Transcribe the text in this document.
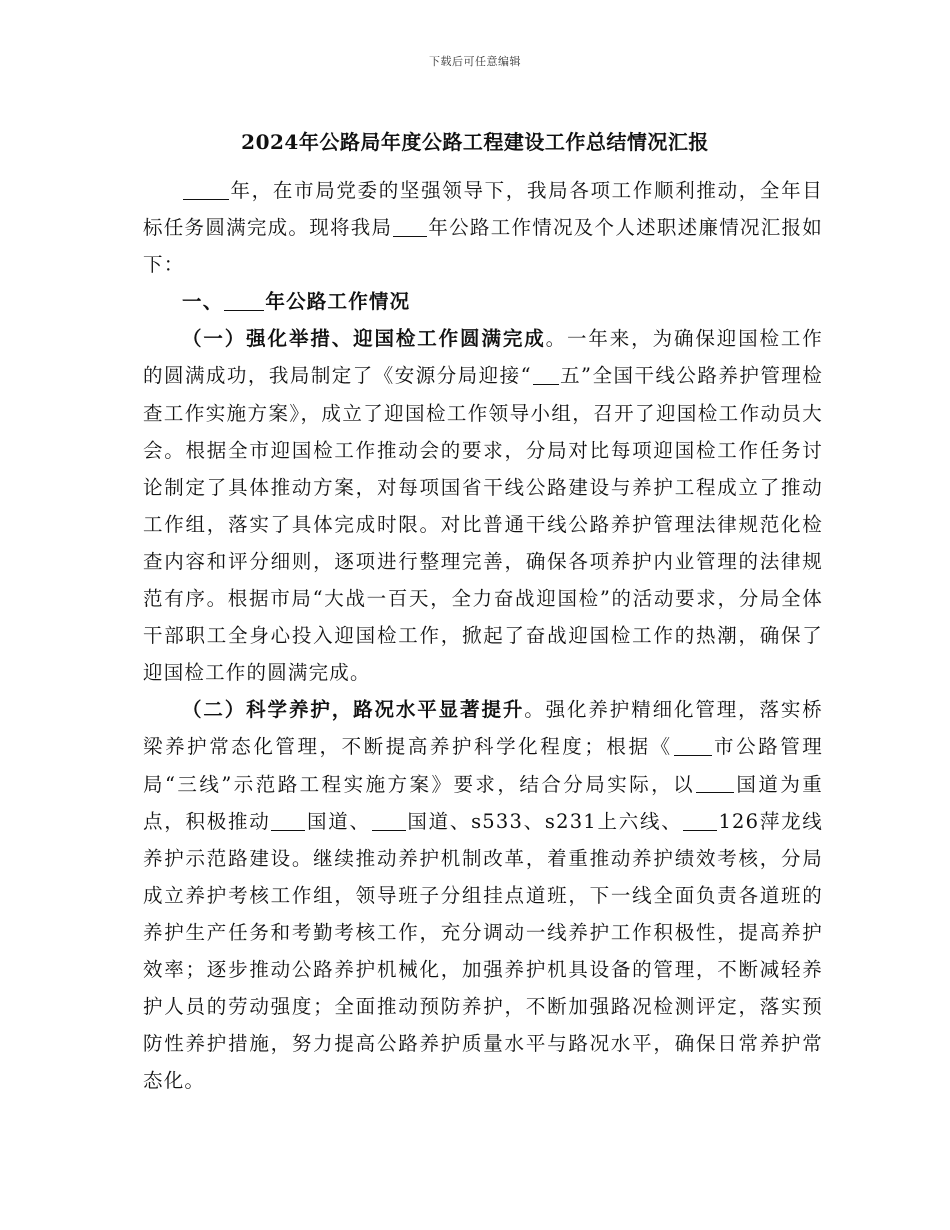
下载后可任意编辑
2024年公路局年度公路工程建设工作总结情况汇报

年，在市局党委的坚强领导下，我局各项工作顺利推动，全年目标任务圆满完成。现将我局 年公路工作情况及个人述职述廉情况汇报如下：

一、 年公路工作情况

（一）强化举措、迎国检工作圆满完成。一年来，为确保迎国检工作的圆满成功，我局制定了《安源分局迎接“ 五”全国干线公路养护管理检查工作实施方案》，成立了迎国检工作领导小组，召开了迎国检工作动员大会。根据全市迎国检工作推动会的要求，分局对比每项迎国检工作任务讨论制定了具体推动方案，对每项国省干线公路建设与养护工程成立了推动工作组，落实了具体完成时限。对比普通干线公路养护管理法律规范化检查内容和评分细则，逐项进行整理完善，确保各项养护内业管理的法律规范有序。根据市局“大战一百天，全力奋战迎国检”的活动要求，分局全体干部职工全身心投入迎国检工作，掀起了奋战迎国检工作的热潮，确保了迎国检工作的圆满完成。

（二）科学养护，路况水平显著提升。强化养护精细化管理，落实桥梁养护常态化管理，不断提高养护科学化程度；根据《 市公路管理局“三线”示范路工程实施方案》要求，结合分局实际，以 国道为重点，积极推动 国道、 国道、s533、s231上六线、 126萍龙线养护示范路建设。继续推动养护机制改革，着重推动养护绩效考核，分局成立养护考核工作组，领导班子分组挂点道班，下一线全面负责各道班的养护生产任务和考勤考核工作，充分调动一线养护工作积极性，提高养护效率；逐步推动公路养护机械化，加强养护机具设备的管理，不断减轻养护人员的劳动强度；全面推动预防养护，不断加强路况检测评定，落实预防性养护措施，努力提高公路养护质量水平与路况水平，确保日常养护常态化。
